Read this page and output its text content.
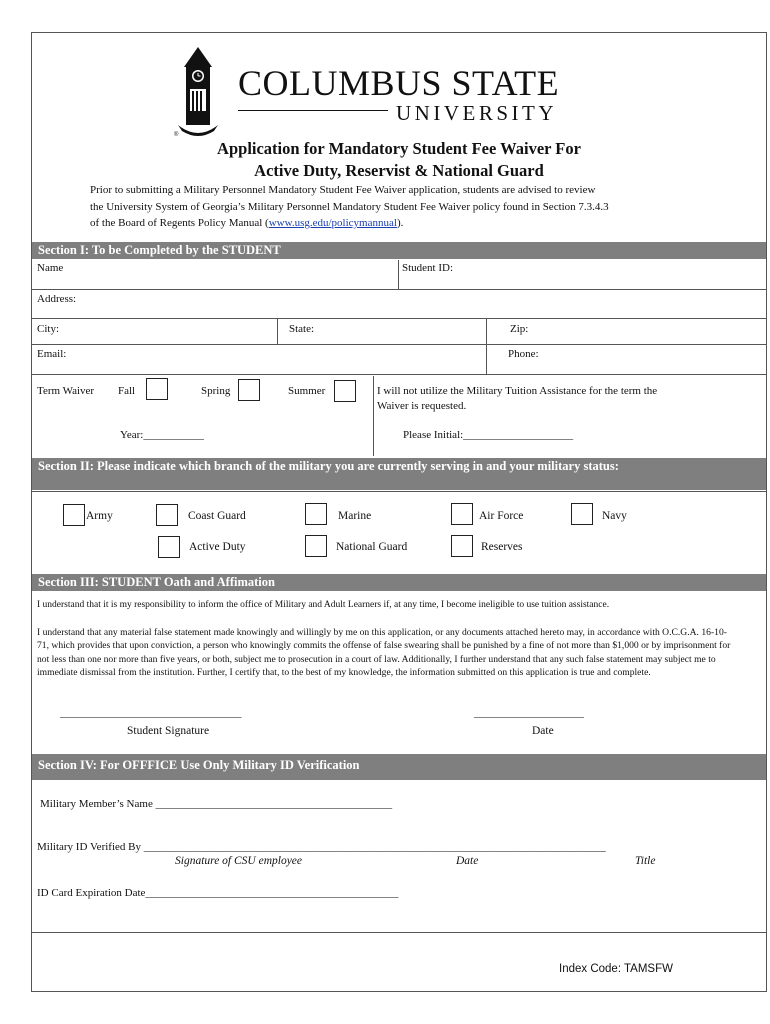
®
COLUMBUS STATE
UNIVERSITY
Application for Mandatory Student Fee Waiver For
Active Duty, Reservist & National Guard
Prior to submitting a Military Personnel Mandatory Student Fee Waiver application, students are advised to review
the University System of Georgia’s Military Personnel Mandatory Student Fee Waiver policy found in Section 7.3.4.3
of the Board of Regents Policy Manual (www.usg.edu/policymannual).
Section I: To be Completed by the STUDENT
Name	Student ID:
Address:
City:	State:	Zip:
Email:	Phone:
Term Waiver Fall	Spring	Summer	I will not utilize the Military Tuition Assistance for the term the
Waiver is requested.
Year:___________	Please Initial:____________________
Section II: Please indicate which branch of the military you are currently serving in and your military status:
Army	Coast Guard	Marine	Air Force	Navy
Active Duty	National Guard	Reserves
Section III: STUDENT Oath and Affimation
I understand that it is my responsibility to inform the office of Military and Adult Learners if, at any time, I become ineligible to use tuition assistance.
I understand that any material false statement made knowingly and willingly by me on this application, or any documents attached hereto may, in accordance with O.C.G.A. 16-10-71, which provides that upon conviction, a person who knowingly commits the offense of false swearing shall be punished by a fine of not more than $1,000 or by imprisonment for not less than one nor more than five years, or both, subject me to prosecution in a court of law. Additionally, I further understand that any such false statement may subject me to immediate dismissal from the institution. Further, I certify that, to the best of my knowledge, the information submitted on this application is true and complete.
_________________________________
Student Signature
____________________
Date
Section IV: For OFFFICE Use Only Military ID Verification
Military Member’s Name ___________________________________________
Military ID Verified By ____________________________________________________________________________________
Signature of CSU employee	Date	Title
ID Card Expiration Date______________________________________________
Index Code: TAMSFW
